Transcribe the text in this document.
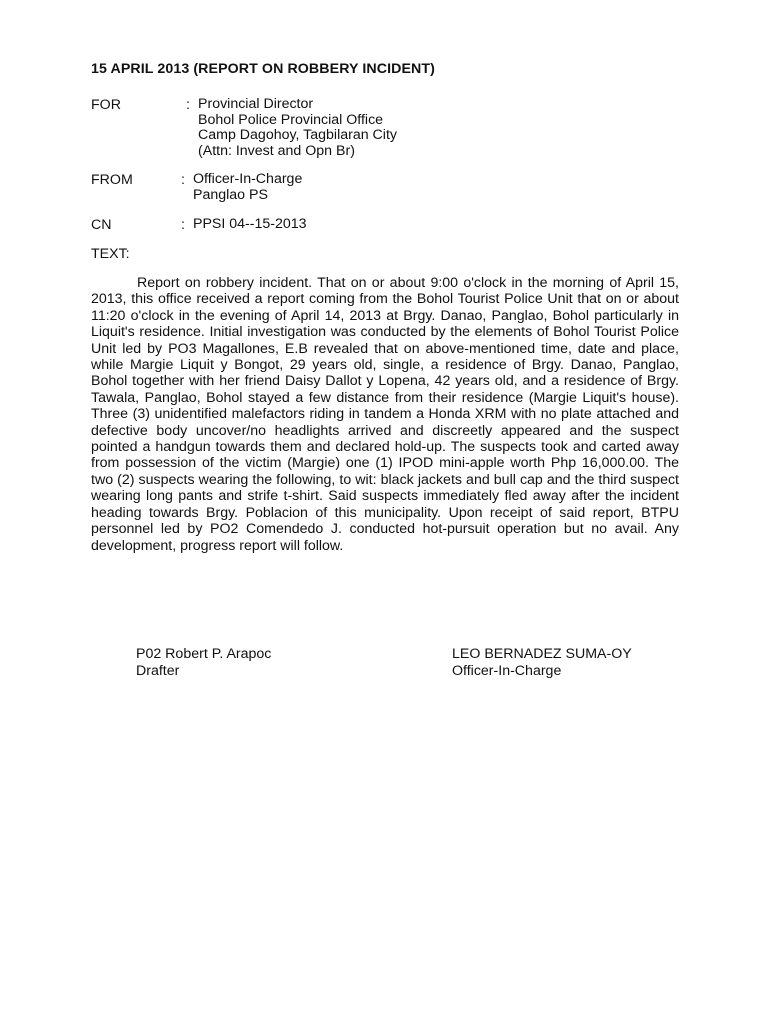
15 APRIL 2013 (REPORT ON ROBBERY INCIDENT)
FOR	: Provincial Director
Bohol Police Provincial Office
Camp Dagohoy, Tagbilaran City
(Attn: Invest and Opn Br)
FROM	: Officer-In-Charge
Panglao PS
CN	: PPSI 04--15-2013
TEXT:
Report on robbery incident. That on or about 9:00 o'clock in the morning of April 15, 2013, this office received a report coming from the Bohol Tourist Police Unit that on or about 11:20 o'clock in the evening of April 14, 2013 at Brgy. Danao, Panglao, Bohol particularly in Liquit's residence. Initial investigation was conducted by the elements of Bohol Tourist Police Unit led by PO3 Magallones, E.B revealed that on above-mentioned time, date and place, while Margie Liquit y Bongot, 29 years old, single, a residence of Brgy. Danao, Panglao, Bohol together with her friend Daisy Dallot y Lopena, 42 years old, and a residence of Brgy. Tawala, Panglao, Bohol stayed a few distance from their residence (Margie Liquit's house). Three (3) unidentified malefactors riding in tandem a Honda XRM with no plate attached and defective body uncover/no headlights arrived and discreetly appeared and the suspect pointed a handgun towards them and declared hold-up. The suspects took and carted away from possession of the victim (Margie) one (1) IPOD mini-apple worth Php 16,000.00. The two (2) suspects wearing the following, to wit: black jackets and bull cap and the third suspect wearing long pants and strife t-shirt. Said suspects immediately fled away after the incident heading towards Brgy. Poblacion of this municipality. Upon receipt of said report, BTPU personnel led by PO2 Comendedo J. conducted hot-pursuit operation but no avail. Any development, progress report will follow.
P02 Robert P. Arapoc
Drafter
LEO BERNADEZ SUMA-OY
Officer-In-Charge
